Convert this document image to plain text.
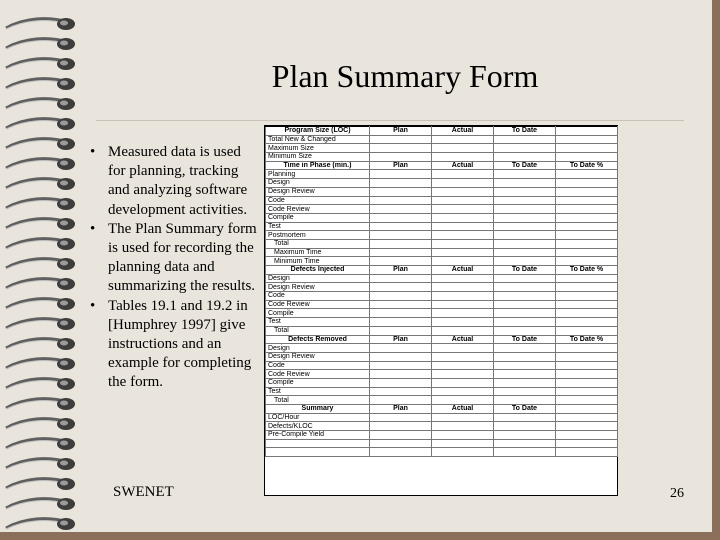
Plan Summary Form
• Measured data is used for planning, tracking and analyzing software development activities.
• The Plan Summary form is used for recording the planning data and summarizing the results.
• Tables 19.1 and 19.2 in [Humphrey 1997] give instructions and an example for completing the form.
Program Size (LOC)	Plan	Actual	To Date	
Total New & Changed				
Maximum Size				
Minimum Size				
Time in Phase (min.)	Plan	Actual	To Date	To Date %
Planning				
Design				
Design Review				
Code				
Code Review				
Compile				
Test				
Postmortem				
Total				
Maximum Time				
Minimum Time				
Defects Injected	Plan	Actual	To Date	To Date %
Design				
Design Review				
Code				
Code Review				
Compile				
Test				
Total				
Defects Removed	Plan	Actual	To Date	To Date %
Design				
Design Review				
Code				
Code Review				
Compile				
Test				
Total				
Summary	Plan	Actual	To Date	
LOC/Hour				
Defects/KLOC				
Pre-Compile Yield				

SWENET	26
